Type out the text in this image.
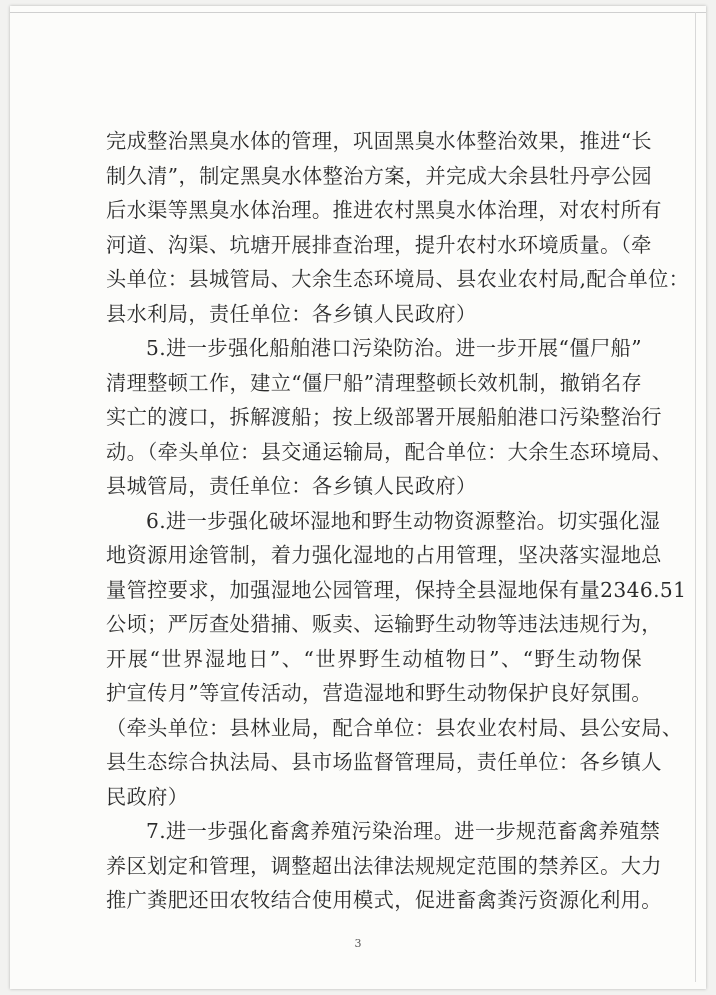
完成整治黑臭水体的管理，巩固黑臭水体整治效果，推进“长
制久清”，制定黑臭水体整治方案，并完成大余县牡丹亭公园
后水渠等黑臭水体治理。推进农村黑臭水体治理，对农村所有
河道、沟渠、坑塘开展排查治理，提升农村水环境质量。（牵
头单位：县城管局、大余生态环境局、县农业农村局,配合单位：
县水利局，责任单位：各乡镇人民政府）
5.进一步强化船舶港口污染防治。进一步开展“僵尸船”
清理整顿工作，建立“僵尸船”清理整顿长效机制，撤销名存
实亡的渡口，拆解渡船；按上级部署开展船舶港口污染整治行
动。（牵头单位：县交通运输局，配合单位：大余生态环境局、
县城管局，责任单位：各乡镇人民政府）
6.进一步强化破坏湿地和野生动物资源整治。切实强化湿
地资源用途管制，着力强化湿地的占用管理，坚决落实湿地总
量管控要求，加强湿地公园管理，保持全县湿地保有量2346.51
公顷；严厉查处猎捕、贩卖、运输野生动物等违法违规行为，
开展“世界湿地日”、“世界野生动植物日”、“野生动物保
护宣传月”等宣传活动，营造湿地和野生动物保护良好氛围。
（牵头单位：县林业局，配合单位：县农业农村局、县公安局、
县生态综合执法局、县市场监督管理局，责任单位：各乡镇人
民政府）
7.进一步强化畜禽养殖污染治理。进一步规范畜禽养殖禁
养区划定和管理，调整超出法律法规规定范围的禁养区。大力
推广粪肥还田农牧结合使用模式，促进畜禽粪污资源化利用。
3
